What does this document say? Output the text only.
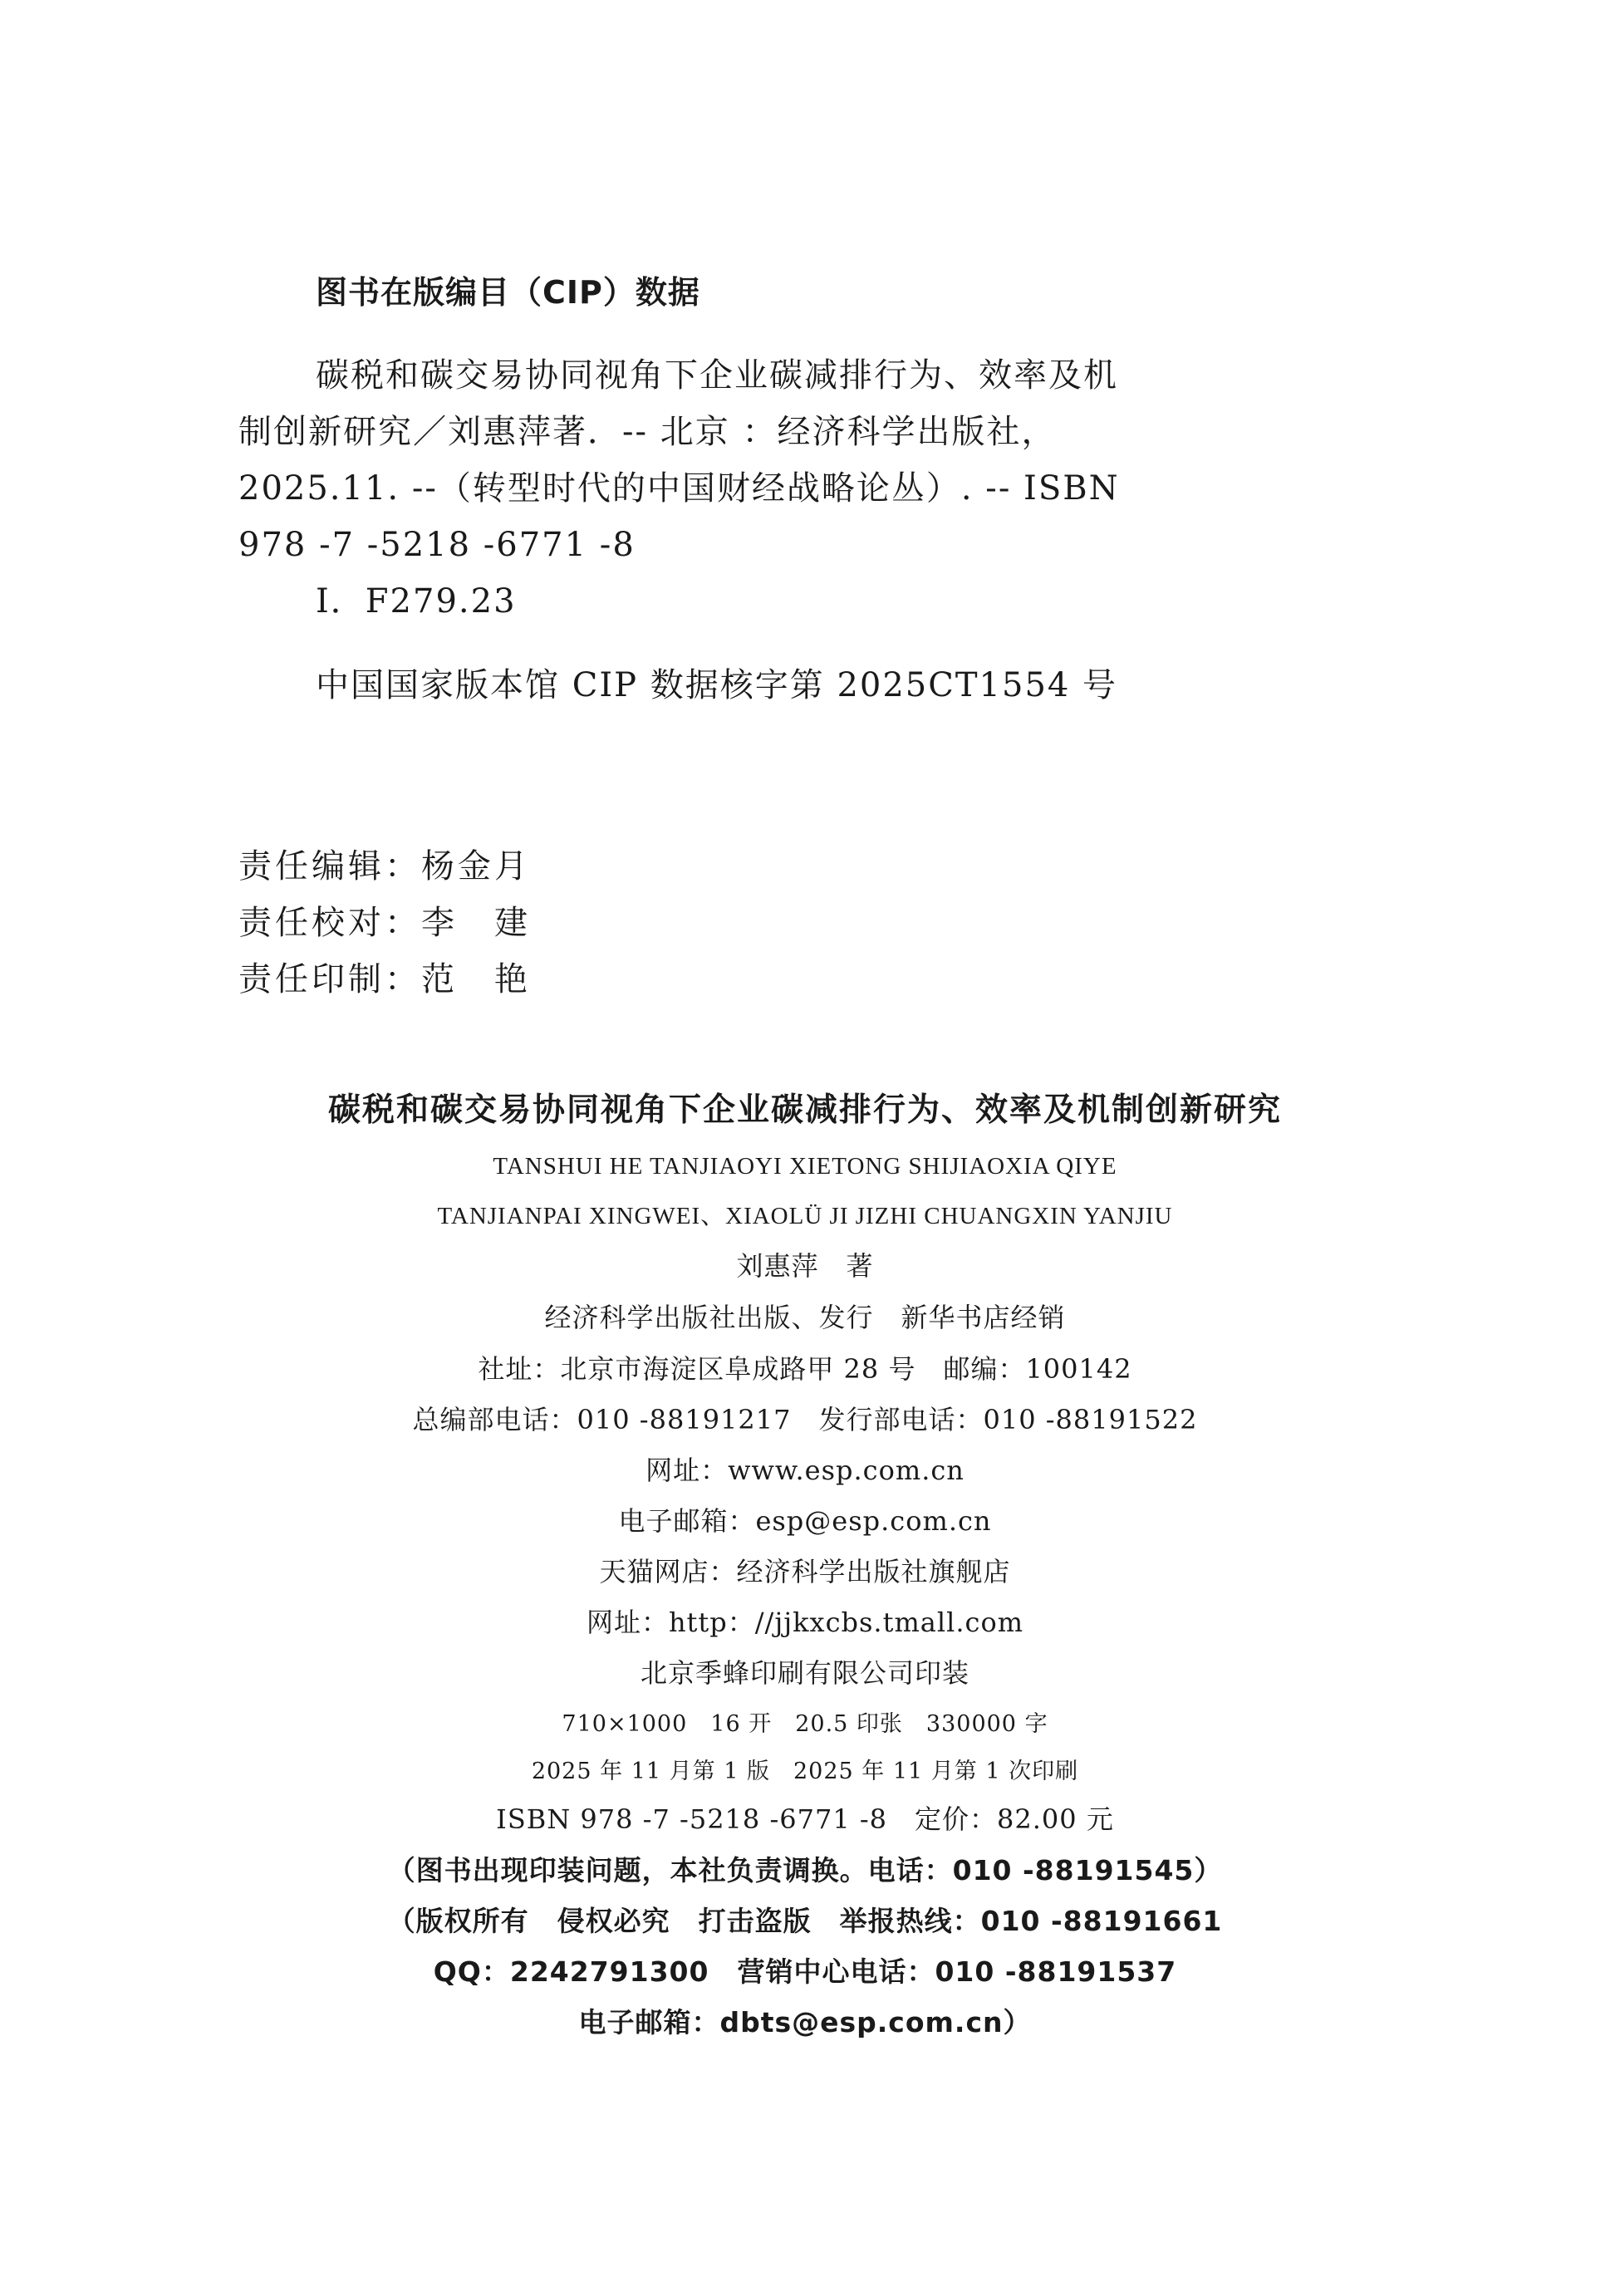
图书在版编目（CIP）数据
碳税和碳交易协同视角下企业碳减排行为、效率及机
制创新研究／刘惠萍著．-- 北京 ：经济科学出版社，
2025.11. --（转型时代的中国财经战略论丛）. -- ISBN
978 -7 -5218 -6771 -8
Ⅰ．F279.23
中国国家版本馆 CIP 数据核字第 2025CT1554 号
责任编辑：杨金月
责任校对：李　建
责任印制：范　艳
碳税和碳交易协同视角下企业碳减排行为、效率及机制创新研究
TANSHUI HE TANJIAOYI XIETONG SHIJIAOXIA QIYE
TANJIANPAI XINGWEI、XIAOLÜ JI JIZHI CHUANGXIN YANJIU
刘惠萍　著
经济科学出版社出版、发行　新华书店经销
社址：北京市海淀区阜成路甲 28 号　邮编：100142
总编部电话：010 -88191217　发行部电话：010 -88191522
网址：www.esp.com.cn
电子邮箱：esp@esp.com.cn
天猫网店：经济科学出版社旗舰店
网址：http：//jjkxcbs.tmall.com
北京季蜂印刷有限公司印装
710×1000　16 开　20.5 印张　330000 字
2025 年 11 月第 1 版　2025 年 11 月第 1 次印刷
ISBN 978 -7 -5218 -6771 -8　定价：82.00 元
（图书出现印装问题，本社负责调换。电话：010 -88191545）
（版权所有　侵权必究　打击盗版　举报热线：010 -88191661
QQ：2242791300　营销中心电话：010 -88191537
电子邮箱：dbts@esp.com.cn）
